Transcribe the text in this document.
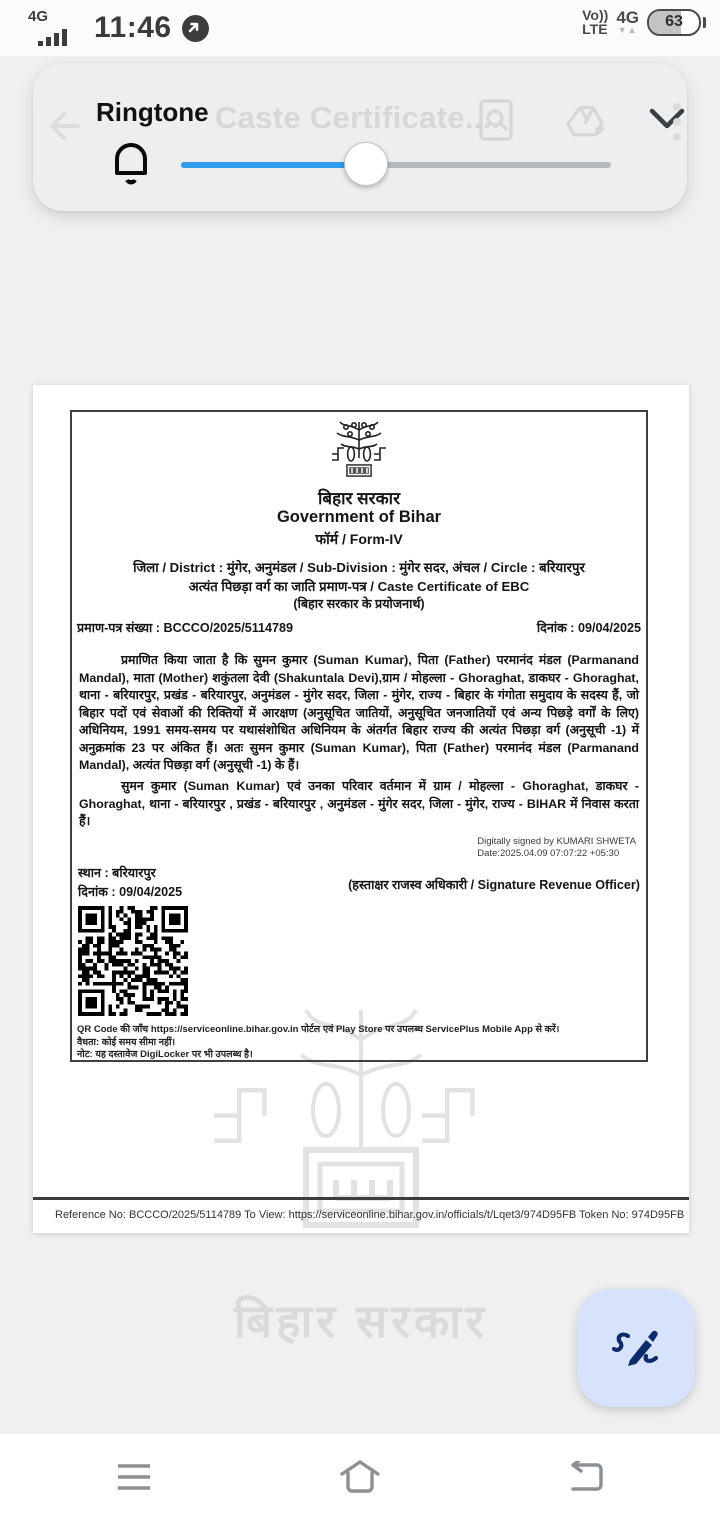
4G 11:46	Vo))
LTE
4G
▼▲	63
Caste Certificate....
Ringtone
बिहार सरकार
बिहार सरकार
Government of Bihar
फॉर्म / Form-IV
जिला / District : मुंगेर, अनुमंडल / Sub-Division : मुंगेर सदर, अंचल / Circle : बरियारपुर
अत्यंत पिछड़ा वर्ग का जाति प्रमाण-पत्र / Caste Certificate of EBC
(बिहार सरकार के प्रयोजनार्थ)
प्रमाण-पत्र संख्या : BCCCO/2025/5114789	दिनांक : 09/04/2025
प्रमाणित किया जाता है कि सुमन कुमार (Suman Kumar), पिता (Father) परमानंद मंडल (Parmanand Mandal), माता (Mother) शकुंतला देवी (Shakuntala Devi),ग्राम / मोहल्ला - Ghoraghat, डाकघर - Ghoraghat, थाना - बरियारपुर, प्रखंड - बरियारपुर, अनुमंडल - मुंगेर सदर, जिला - मुंगेर, राज्य - बिहार के गंगोता समुदाय के सदस्य हैं, जो बिहार पदों एवं सेवाओं की रिक्तियों में आरक्षण (अनुसूचित जातियों, अनुसूचित जनजातियों एवं अन्य पिछड़े वर्गों के लिए) अधिनियम, 1991 समय-समय पर यथासंशोधित अधिनियम के अंतर्गत बिहार राज्य की अत्यंत पिछड़ा वर्ग (अनुसूची -1) में अनुक्रमांक 23 पर अंकित हैं। अतः सुमन कुमार (Suman Kumar), पिता (Father) परमानंद मंडल (Parmanand Mandal), अत्यंत पिछड़ा वर्ग (अनुसूची -1) के हैं।
सुमन कुमार (Suman Kumar) एवं उनका परिवार वर्तमान में ग्राम / मोहल्ला - Ghoraghat, डाकघर - Ghoraghat, थाना - बरियारपुर , प्रखंड - बरियारपुर , अनुमंडल - मुंगेर सदर, जिला - मुंगेर, राज्य - BIHAR में निवास करता हैं।
Digitally signed by KUMARI SHWETA
Date:2025.04.09 07:07:22 +05:30
स्थान : बरियारपुर
दिनांक : 09/04/2025	(हस्ताक्षर राजस्व अधिकारी / Signature Revenue Officer)
QR Code की जाँच https://serviceonline.bihar.gov.in पोर्टल एवं Play Store पर उपलब्ध ServicePlus Mobile App से करें।
वैधता: कोई समय सीमा नहीं।
नोट: यह दस्तावेज DigiLocker पर भी उपलब्ध है।
Reference No: BCCCO/2025/5114789 To View: https://serviceonline.bihar.gov.in/officials/t/Lqet3/974D95FB Token No: 974D95FB
